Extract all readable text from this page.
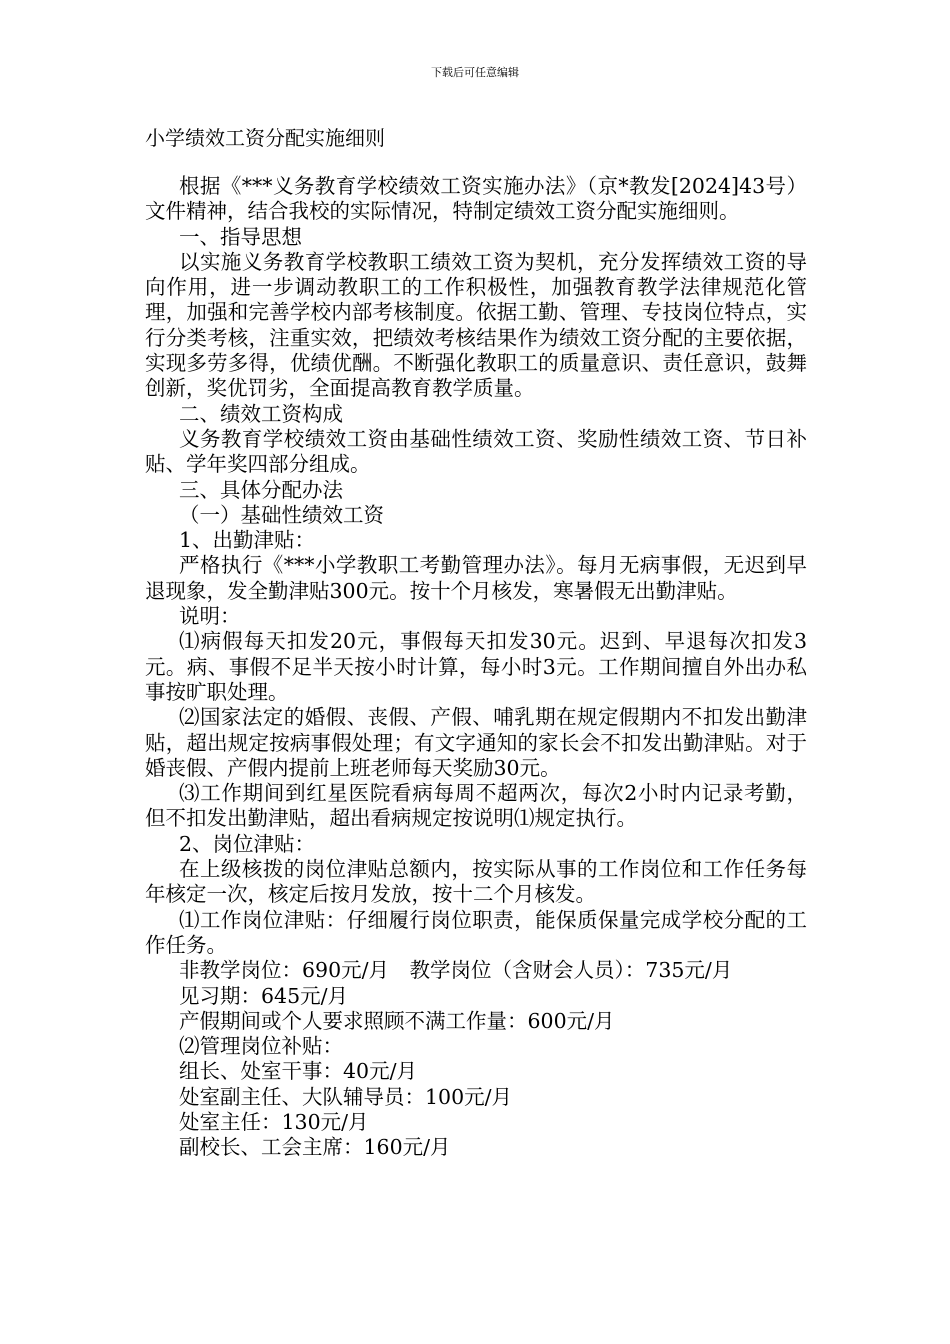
下载后可任意编辑
小学绩效工资分配实施细则

根据《***义务教育学校绩效工资实施办法》（京*教发[2024]43号）文件精神，结合我校的实际情况，特制定绩效工资分配实施细则。

一、指导思想

以实施义务教育学校教职工绩效工资为契机，充分发挥绩效工资的导向作用，进一步调动教职工的工作积极性，加强教育教学法律规范化管理，加强和完善学校内部考核制度。依据工勤、管理、专技岗位特点，实行分类考核，注重实效，把绩效考核结果作为绩效工资分配的主要依据，实现多劳多得，优绩优酬。不断强化教职工的质量意识、责任意识，鼓舞创新，奖优罚劣，全面提高教育教学质量。

二、绩效工资构成

义务教育学校绩效工资由基础性绩效工资、奖励性绩效工资、节日补贴、学年奖四部分组成。

三、具体分配办法

（一）基础性绩效工资

1、出勤津贴：

严格执行《***小学教职工考勤管理办法》。每月无病事假，无迟到早退现象，发全勤津贴300元。按十个月核发，寒暑假无出勤津贴。

说明：

⑴病假每天扣发20元，事假每天扣发30元。迟到、早退每次扣发3元。病、事假不足半天按小时计算，每小时3元。工作期间擅自外出办私事按旷职处理。

⑵国家法定的婚假、丧假、产假、哺乳期在规定假期内不扣发出勤津贴，超出规定按病事假处理；有文字通知的家长会不扣发出勤津贴。对于婚丧假、产假内提前上班老师每天奖励30元。

⑶工作期间到红星医院看病每周不超两次，每次2小时内记录考勤，但不扣发出勤津贴，超出看病规定按说明⑴规定执行。

2、岗位津贴：

在上级核拨的岗位津贴总额内，按实际从事的工作岗位和工作任务每年核定一次，核定后按月发放，按十二个月核发。

⑴工作岗位津贴：仔细履行岗位职责，能保质保量完成学校分配的工作任务。

非教学岗位：690元/月　教学岗位（含财会人员）：735元/月

见习期：645元/月

产假期间或个人要求照顾不满工作量：600元/月

⑵管理岗位补贴：

组长、处室干事：40元/月

处室副主任、大队辅导员：100元/月

处室主任：130元/月

副校长、工会主席：160元/月
